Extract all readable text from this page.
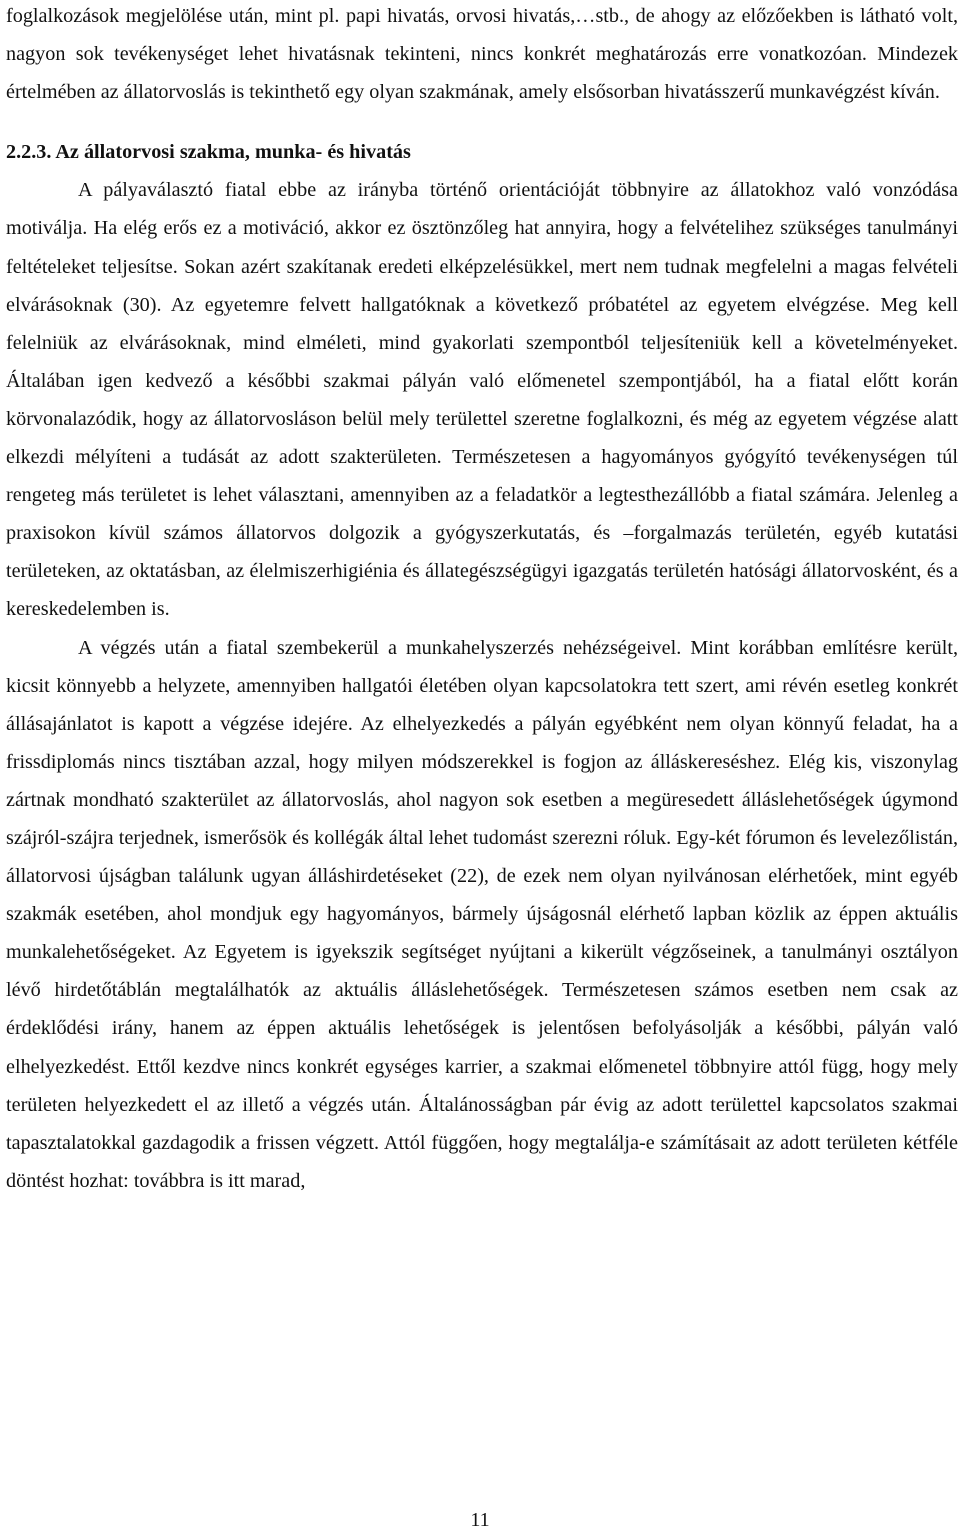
foglalkozások megjelölése után, mint pl. papi hivatás, orvosi hivatás,…stb., de ahogy az előzőekben is látható volt, nagyon sok tevékenységet lehet hivatásnak tekinteni, nincs konkrét meghatározás erre vonatkozóan. Mindezek értelmében az állatorvoslás is tekinthető egy olyan szakmának, amely elsősorban hivatásszerű munkavégzést kíván.

2.2.3. Az állatorvosi szakma, munka- és hivatás

A pályaválasztó fiatal ebbe az irányba történő orientációját többnyire az állatokhoz való vonzódása motiválja. Ha elég erős ez a motiváció, akkor ez ösztönzőleg hat annyira, hogy a felvételihez szükséges tanulmányi feltételeket teljesítse. Sokan azért szakítanak eredeti elképzelésükkel, mert nem tudnak megfelelni a magas felvételi elvárásoknak (30). Az egyetemre felvett hallgatóknak a következő próbatétel az egyetem elvégzése. Meg kell felelniük az elvárásoknak, mind elméleti, mind gyakorlati szempontból teljesíteniük kell a követelményeket. Általában igen kedvező a későbbi szakmai pályán való előmenetel szempontjából, ha a fiatal előtt korán körvonalazódik, hogy az állatorvosláson belül mely területtel szeretne foglalkozni, és még az egyetem végzése alatt elkezdi mélyíteni a tudását az adott szakterületen. Természetesen a hagyományos gyógyító tevékenységen túl rengeteg más területet is lehet választani, amennyiben az a feladatkör a legtesthezállóbb a fiatal számára. Jelenleg a praxisokon kívül számos állatorvos dolgozik a gyógyszerkutatás, és –forgalmazás területén, egyéb kutatási területeken, az oktatásban, az élelmiszerhigiénia és állategészségügyi igazgatás területén hatósági állatorvosként, és a kereskedelemben is.

A végzés után a fiatal szembekerül a munkahelyszerzés nehézségeivel. Mint korábban említésre került, kicsit könnyebb a helyzete, amennyiben hallgatói életében olyan kapcsolatokra tett szert, ami révén esetleg konkrét állásajánlatot is kapott a végzése idejére. Az elhelyezkedés a pályán egyébként nem olyan könnyű feladat, ha a frissdiplomás nincs tisztában azzal, hogy milyen módszerekkel is fogjon az álláskereséshez. Elég kis, viszonylag zártnak mondható szakterület az állatorvoslás, ahol nagyon sok esetben a megüresedett álláslehetőségek úgymond szájról-szájra terjednek, ismerősök és kollégák által lehet tudomást szerezni róluk. Egy-két fórumon és levelezőlistán, állatorvosi újságban találunk ugyan álláshirdetéseket (22), de ezek nem olyan nyilvánosan elérhetőek, mint egyéb szakmák esetében, ahol mondjuk egy hagyományos, bármely újságosnál elérhető lapban közlik az éppen aktuális munkalehetőségeket. Az Egyetem is igyekszik segítséget nyújtani a kikerült végzőseinek, a tanulmányi osztályon lévő hirdetőtáblán megtalálhatók az aktuális álláslehetőségek. Természetesen számos esetben nem csak az érdeklődési irány, hanem az éppen aktuális lehetőségek is jelentősen befolyásolják a későbbi, pályán való elhelyezkedést. Ettől kezdve nincs konkrét egységes karrier, a szakmai előmenetel többnyire attól függ, hogy mely területen helyezkedett el az illető a végzés után. Általánosságban pár évig az adott területtel kapcsolatos szakmai tapasztalatokkal gazdagodik a frissen végzett. Attól függően, hogy megtalálja-e számításait az adott területen kétféle döntést hozhat: továbbra is itt marad,

11
